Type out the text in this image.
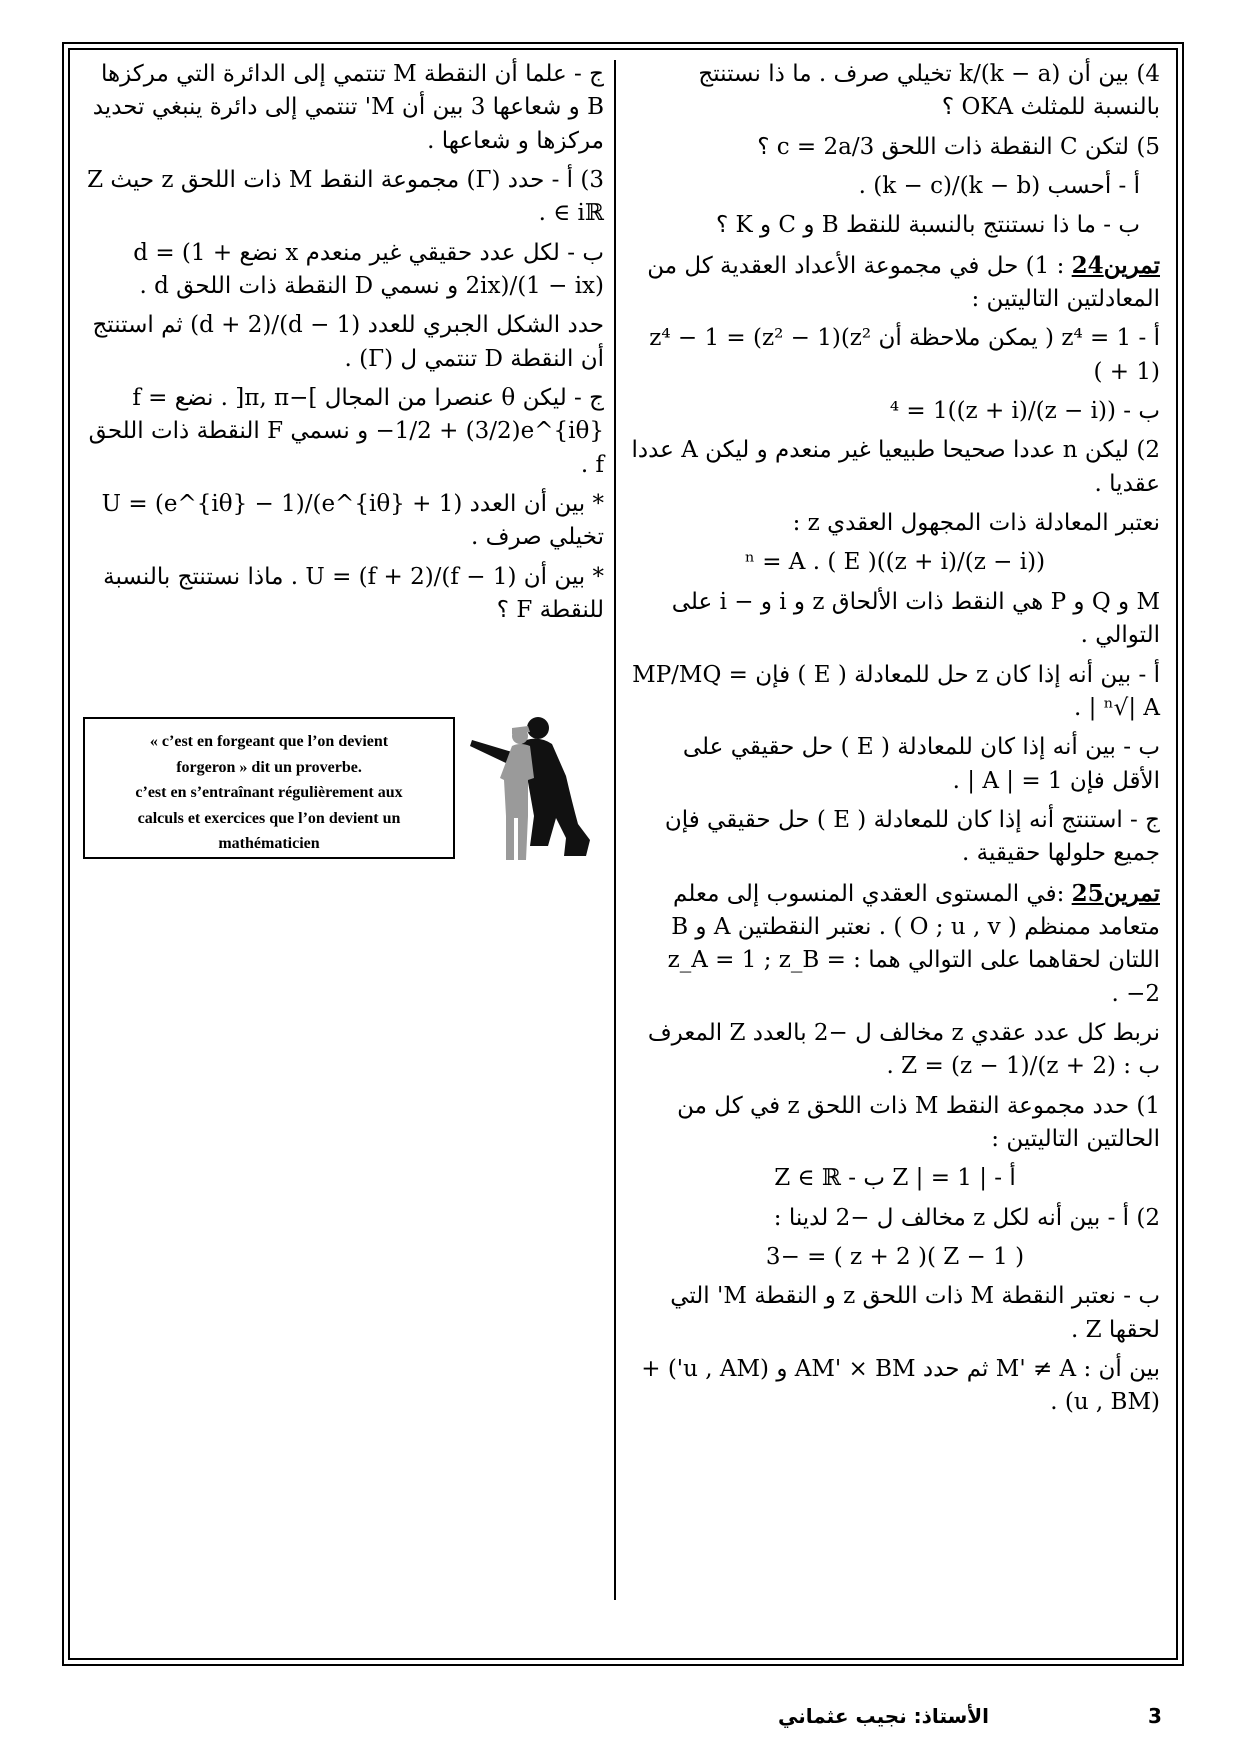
4) بين أن (k − a)/k تخيلي صرف . ما ذا نستنتج بالنسبة للمثلث OKA ؟

5) لتكن C النقطة ذات اللحق c = 2a/3 ؟

أ - أحسب (k − b)/(k − c) .

ب - ما ذا نستنتج بالنسبة للنقط B و C و K ؟

تمرين24 : 1) حل في مجموعة الأعداد العقدية كل من المعادلتين التاليتين :

أ - z⁴ = 1 ( يمكن ملاحظة أن z⁴ − 1 = (z² − 1)(z² + 1) )

ب - ((z − i)/(z + i))⁴ = 1

2) ليكن n عددا صحيحا طبيعيا غير منعدم و ليكن A عددا عقديا .

نعتبر المعادلة ذات المجهول العقدي z :

((z − i)/(z + i))ⁿ = A . ( E )

M و Q و P هي النقط ذات الألحاق z و i و − i على التوالي .

أ - بين أنه إذا كان z حل للمعادلة ( E ) فإن MP/MQ = ⁿ√| A | .

ب - بين أنه إذا كان للمعادلة ( E ) حل حقيقي على الأقل فإن 1 = | A | .

ج - استنتج أنه إذا كان للمعادلة ( E ) حل حقيقي فإن جميع حلولها حقيقية .

تمرين25 :في المستوى العقدي المنسوب إلى معلم متعامد ممنظم ( O ; u , v ) . نعتبر النقطتين A و B اللتان لحقاهما على التوالي هما : z_A = 1 ; z_B = −2 .

نربط كل عدد عقدي z مخالف ل −2 بالعدد Z المعرف ب : Z = (z − 1)/(z + 2) .

1) حدد مجموعة النقط M ذات اللحق z في كل من الحالتين التاليتين :

أ - | Z | = 1 ب - Z ∈ ℝ

2) أ - بين أنه لكل z مخالف ل −2 لدينا :

( Z − 1 )( z + 2 ) = −3

ب - نعتبر النقطة M ذات اللحق z و النقطة M' التي لحقها Z .

بين أن : M' ≠ A ثم حدد AM' × BM و (u , AM') + (u , BM) .

ج - علما أن النقطة M تنتمي إلى الدائرة التي مركزها B و شعاعها 3 بين أن M' تنتمي إلى دائرة ينبغي تحديد مركزها و شعاعها .

3) أ - حدد (Γ) مجموعة النقط M ذات اللحق z حيث Z ∈ iℝ .

ب - لكل عدد حقيقي غير منعدم x نضع d = (1 + 2ix)/(1 − ix) و نسمي D النقطة ذات اللحق d .

حدد الشكل الجبري للعدد (d − 1)/(d + 2) ثم استنتج أن النقطة D تنتمي ل (Γ) .

ج - ليكن θ عنصرا من المجال ]−π, π[ . نضع f = −1/2 + (3/2)e^{iθ} و نسمي F النقطة ذات اللحق f .

* بين أن العدد U = (e^{iθ} − 1)/(e^{iθ} + 1) تخيلي صرف .

* بين أن (f − 1)/(f + 2) = U . ماذا نستنتج بالنسبة للنقطة F ؟

« c’est en forgeant que l’on devient

forgeron » dit un proverbe.

c’est en s’entraînant régulièrement aux

calculs et exercices que l’on devient un

mathématicien

الأستاذ: نجيب عثماني	3
